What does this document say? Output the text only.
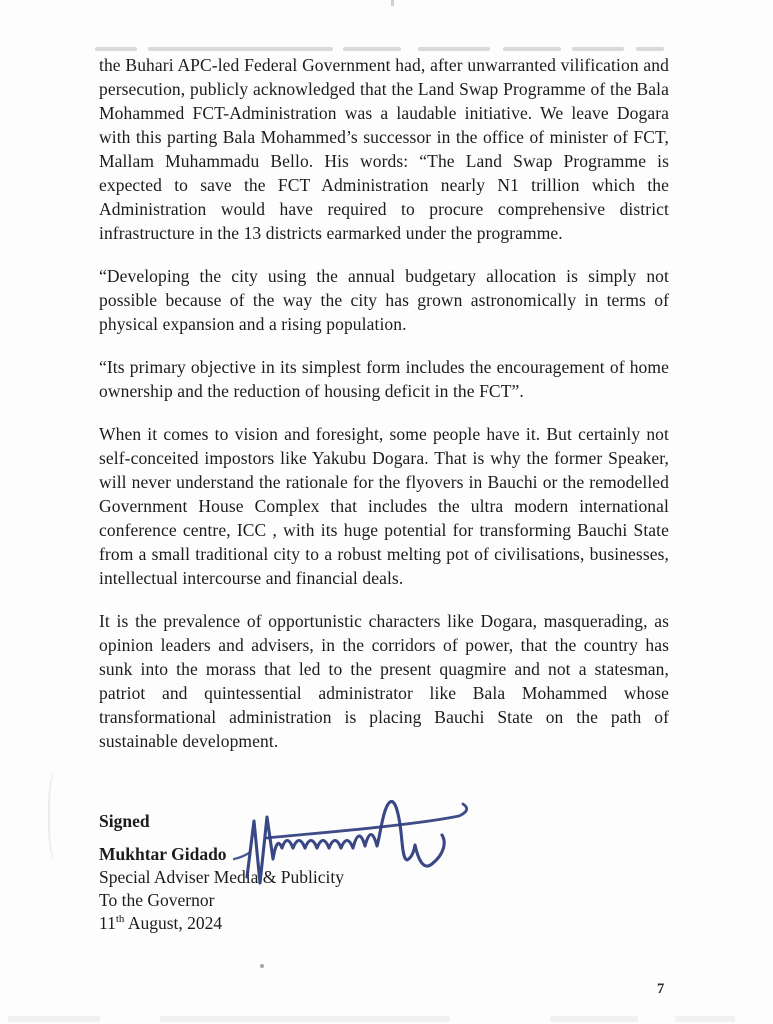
the Buhari APC-led Federal Government had, after unwarranted vilification and persecution, publicly acknowledged that the Land Swap Programme of the Bala Mohammed FCT-Administration was a laudable initiative. We leave Dogara with this parting Bala Mohammed’s successor in the office of minister of FCT, Mallam Muhammadu Bello. His words: “The Land Swap Programme is expected to save the FCT Administration nearly N1 trillion which the Administration would have required to procure comprehensive district infrastructure in the 13 districts earmarked under the programme.

“Developing the city using the annual budgetary allocation is simply not possible because of the way the city has grown astronomically in terms of physical expansion and a rising population.

“Its primary objective in its simplest form includes the encouragement of home ownership and the reduction of housing deficit in the FCT”.

When it comes to vision and foresight, some people have it. But certainly not self-conceited impostors like Yakubu Dogara. That is why the former Speaker, will never understand the rationale for the flyovers in Bauchi or the remodelled Government House Complex that includes the ultra modern international conference centre, ICC , with its huge potential for transforming Bauchi State from a small traditional city to a robust melting pot of civilisations, businesses, intellectual intercourse and financial deals.

It is the prevalence of opportunistic characters like Dogara, masquerading, as opinion leaders and advisers, in the corridors of power, that the country has sunk into the morass that led to the present quagmire and not a statesman, patriot and quintessential administrator like Bala Mohammed whose transformational administration is placing Bauchi State on the path of sustainable development.

Signed

Mukhtar Gidado

Special Adviser Media & Publicity

To the Governor

11th August, 2024

7
